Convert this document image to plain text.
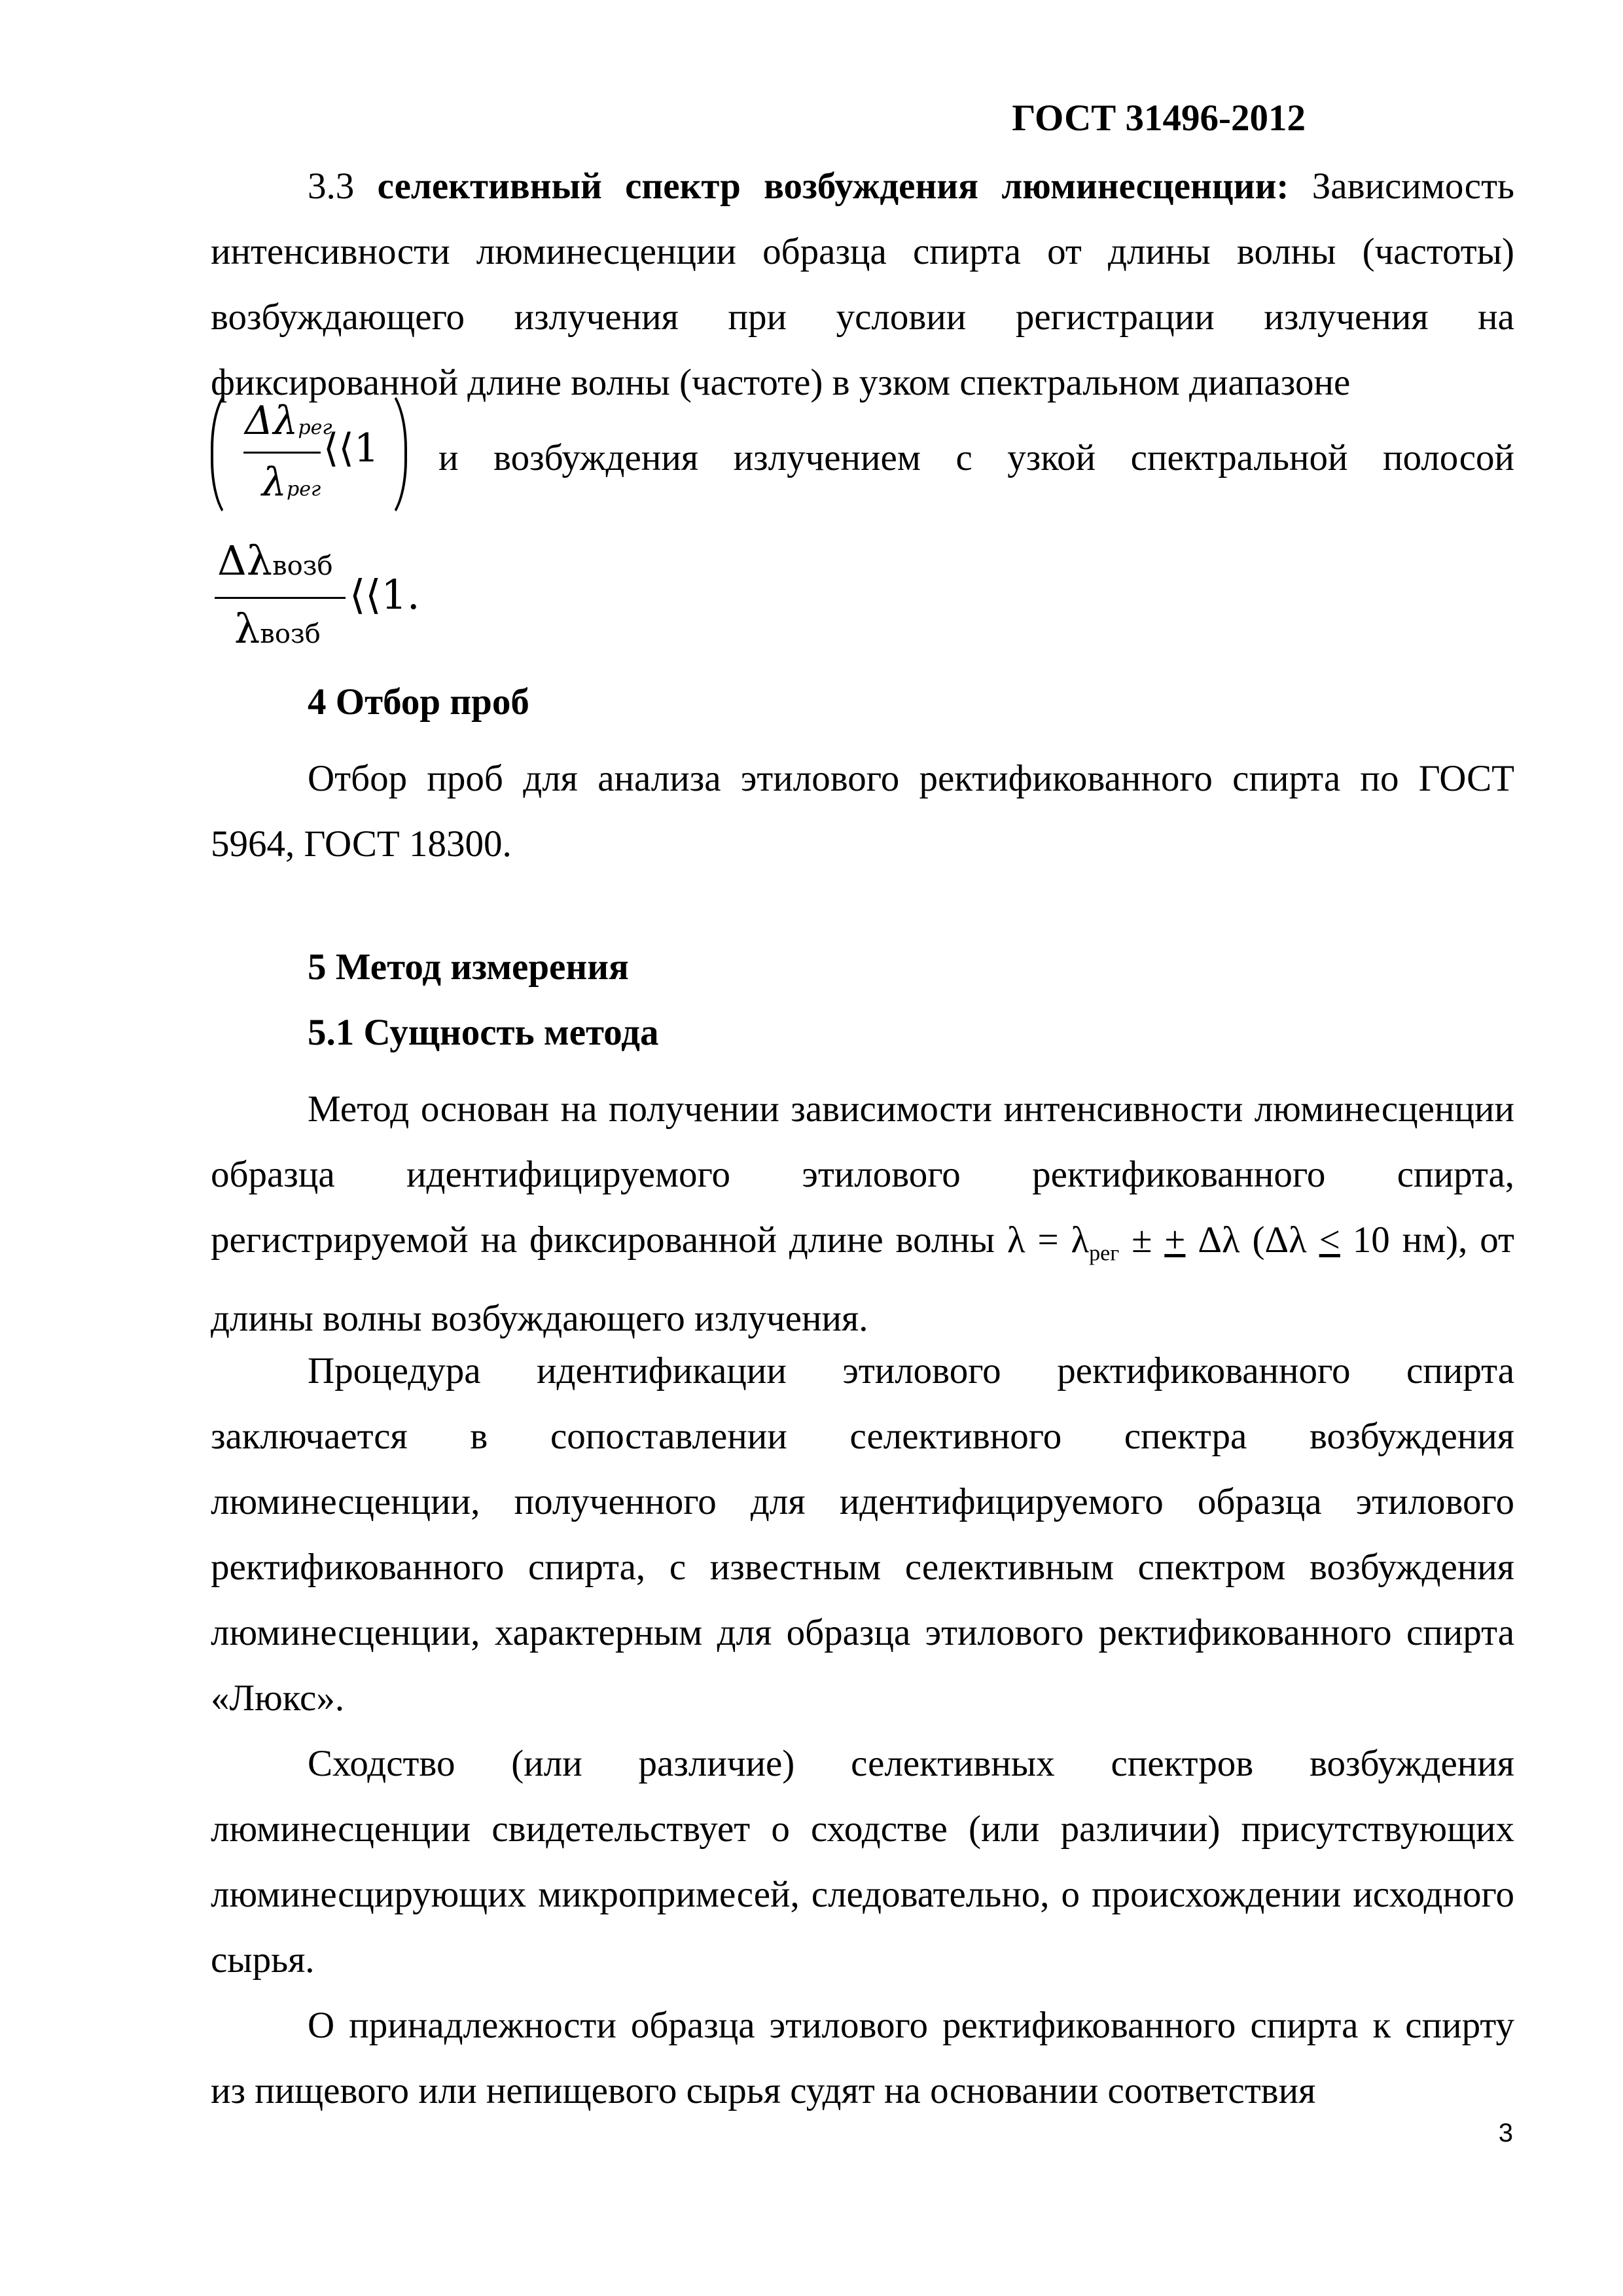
ГОСТ 31496-2012
3.3 селективный спектр возбуждения люминесценции: Зависимость интенсивности люминесценции образца спирта от длины волны (частоты) возбуждающего излучения при условии регистрации излучения на фиксированной длине волны (частоте) в узком спектральном диапазоне
Δλрег
λрег
⟨⟨1 и возбуждения излучением с узкой спектральной полосой
Δλвозб
λвозб
⟨⟨1.
4 Отбор проб
Отбор проб для анализа этилового ректификованного спирта по ГОСТ 5964, ГОСТ 18300.
5 Метод измерения
5.1 Сущность метода
Метод основан на получении зависимости интенсивности люминесценции образца идентифицируемого этилового ректификованного спирта, регистрируемой на фиксированной длине волны $\lambda = \lambda_{рег}$ ± + Δλ (Δλ < 10 нм), от длины волны возбуждающего излучения.
Процедура идентификации этилового ректификованного спирта заключается в сопоставлении селективного спектра возбуждения люминесценции, полученного для идентифицируемого образца этилового ректификованного спирта, с известным селективным спектром возбуждения люминесценции, характерным для образца этилового ректификованного спирта «Люкс».
Сходство (или различие) селективных спектров возбуждения люминесценции свидетельствует о сходстве (или различии) присутствующих люминесцирующих микропримесей, следовательно, о происхождении исходного сырья.
О принадлежности образца этилового ректификованного спирта к спирту из пищевого или непищевого сырья судят на основании соответствия
3
